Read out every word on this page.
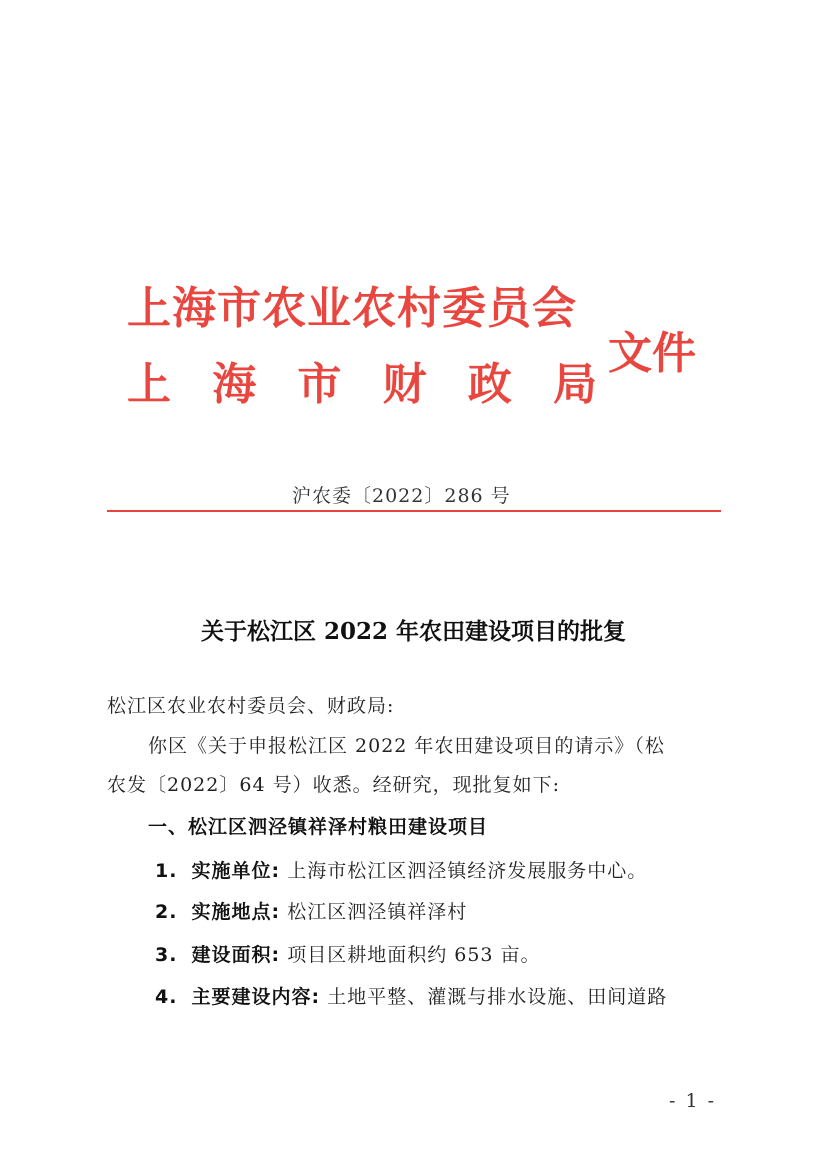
上海市农业农村委员会
上 海 市 财 政 局
文件
沪农委〔2022〕286 号
关于松江区 2022 年农田建设项目的批复
松江区农业农村委员会、财政局:
你区《关于申报松江区 2022 年农田建设项目的请示》（松
农发〔2022〕64 号）收悉。经研究，现批复如下:
一、松江区泗泾镇祥泽村粮田建设项目
1. 实施单位: 上海市松江区泗泾镇经济发展服务中心。
2. 实施地点: 松江区泗泾镇祥泽村
3. 建设面积: 项目区耕地面积约 653 亩。
4. 主要建设内容: 土地平整、灌溉与排水设施、田间道路
- 1 -
